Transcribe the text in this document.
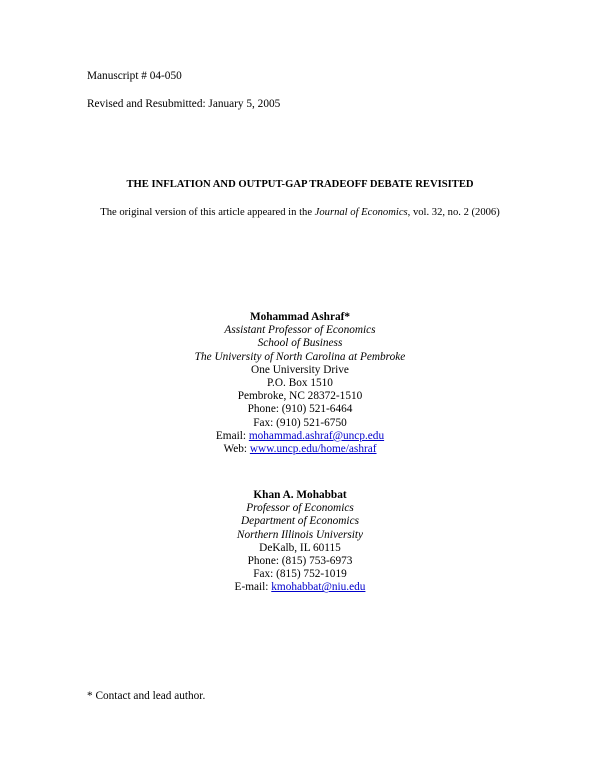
Manuscript # 04-050
Revised and Resubmitted: January 5, 2005
THE INFLATION AND OUTPUT-GAP TRADEOFF DEBATE REVISITED
The original version of this article appeared in the Journal of Economics, vol. 32, no. 2 (2006)
Mohammad Ashraf*
Assistant Professor of Economics
School of Business
The University of North Carolina at Pembroke
One University Drive
P.O. Box 1510
Pembroke, NC 28372-1510
Phone: (910) 521-6464
Fax: (910) 521-6750
Email: mohammad.ashraf@uncp.edu
Web: www.uncp.edu/home/ashraf
Khan A. Mohabbat
Professor of Economics
Department of Economics
Northern Illinois University
DeKalb, IL 60115
Phone: (815) 753-6973
Fax: (815) 752-1019
E-mail: kmohabbat@niu.edu
* Contact and lead author.
